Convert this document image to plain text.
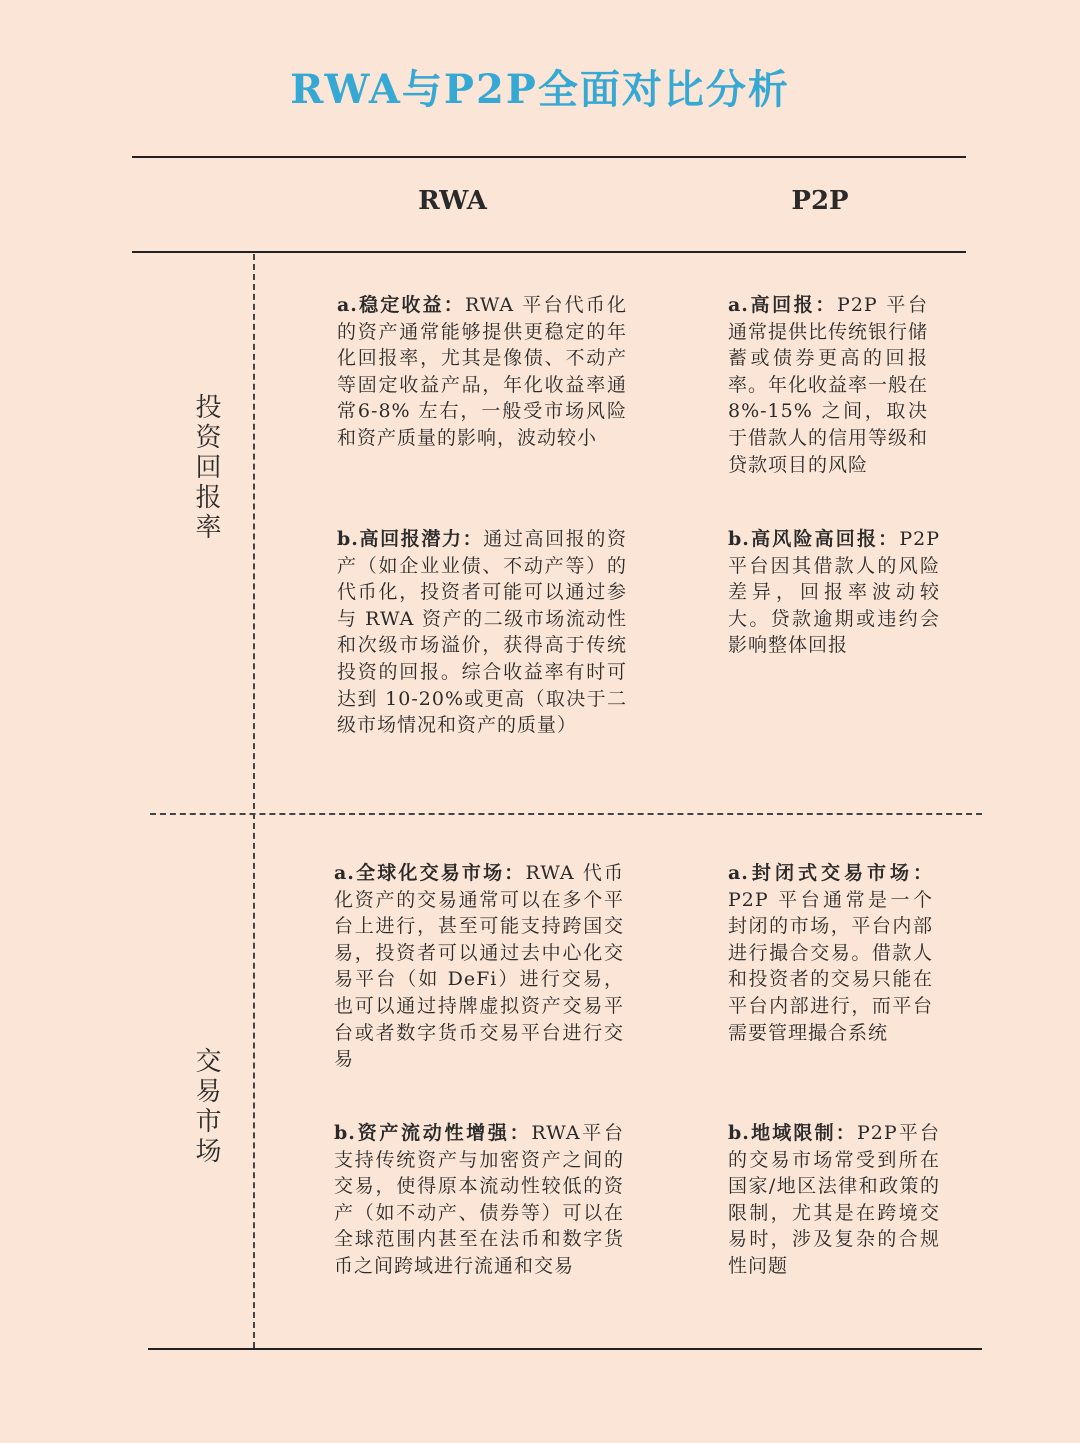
RWA与P2P全面对比分析
RWA	P2P
投资回报率
a.稳定收益：RWA 平台代币化的资产通常能够提供更稳定的年化回报率，尤其是像债、不动产等固定收益产品，年化收益率通常6-8% 左右，一般受市场风险和资产质量的影响，波动较小
b.高回报潜力：通过高回报的资产（如企业业债、不动产等）的代币化，投资者可能可以通过参与 RWA 资产的二级市场流动性和次级市场溢价，获得高于传统投资的回报。综合收益率有时可达到 10-20%或更高（取决于二级市场情况和资产的质量）
a.高回报：P2P 平台通常提供比传统银行储蓄或债券更高的回报率。年化收益率一般在 8%-15% 之间，取决于借款人的信用等级和贷款项目的风险
b.高风险高回报：P2P 平台因其借款人的风险差异，回报率波动较大。贷款逾期或违约会影响整体回报
交易市场
a.全球化交易市场：RWA 代币化资产的交易通常可以在多个平台上进行，甚至可能支持跨国交易，投资者可以通过去中心化交易平台（如 DeFi）进行交易，也可以通过持牌虚拟资产交易平台或者数字货币交易平台进行交易
b.资产流动性增强：RWA平台支持传统资产与加密资产之间的交易，使得原本流动性较低的资产（如不动产、债券等）可以在全球范围内甚至在法币和数字货币之间跨域进行流通和交易
a.封闭式交易市场：P2P 平台通常是一个封闭的市场，平台内部进行撮合交易。借款人和投资者的交易只能在平台内部进行，而平台需要管理撮合系统
b.地域限制：P2P平台的交易市场常受到所在国家/地区法律和政策的限制，尤其是在跨境交易时，涉及复杂的合规性问题
